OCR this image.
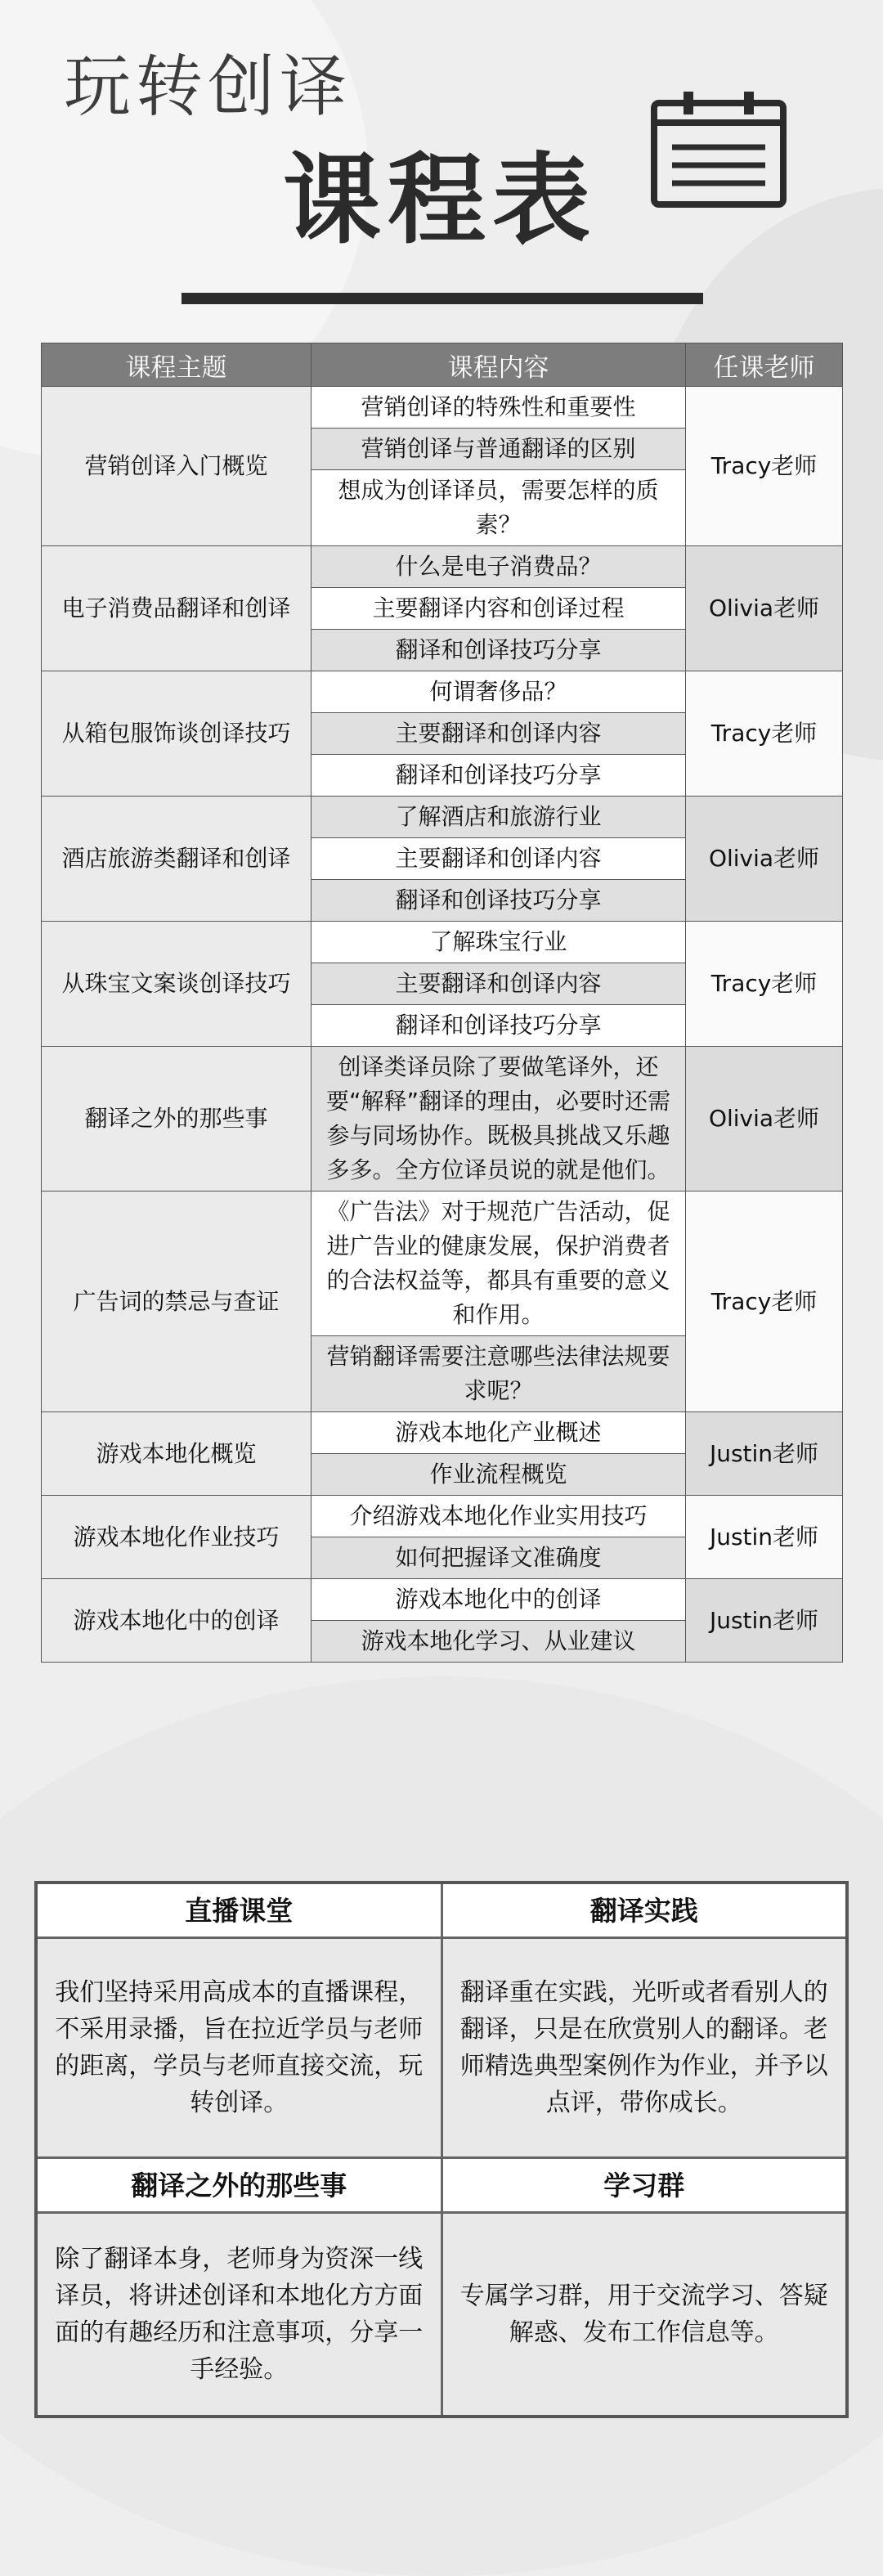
玩转创译
课程表
课程主题	课程内容	任课老师
营销创译入门概览	营销创译的特殊性和重要性	Tracy老师
	营销创译与普通翻译的区别	
	想成为创译译员，需要怎样的质素？	
电子消费品翻译和创译	什么是电子消费品？	Olivia老师
	主要翻译内容和创译过程	
	翻译和创译技巧分享	
从箱包服饰谈创译技巧	何谓奢侈品？	Tracy老师
	主要翻译和创译内容	
	翻译和创译技巧分享	
酒店旅游类翻译和创译	了解酒店和旅游行业	Olivia老师
	主要翻译和创译内容	
	翻译和创译技巧分享	
从珠宝文案谈创译技巧	了解珠宝行业	Tracy老师
	主要翻译和创译内容	
	翻译和创译技巧分享	
翻译之外的那些事	创译类译员除了要做笔译外，还要“解释”翻译的理由，必要时还需参与同场协作。既极具挑战又乐趣多多。全方位译员说的就是他们。	Olivia老师
广告词的禁忌与查证	《广告法》对于规范广告活动，促进广告业的健康发展，保护消费者的合法权益等，都具有重要的意义和作用。	Tracy老师
	营销翻译需要注意哪些法律法规要求呢？	
游戏本地化概览	游戏本地化产业概述	Justin老师
	作业流程概览	
游戏本地化作业技巧	介绍游戏本地化作业实用技巧	Justin老师
	如何把握译文准确度	
游戏本地化中的创译	游戏本地化中的创译	Justin老师
	游戏本地化学习、从业建议	
直播课堂	翻译实践
我们坚持采用高成本的直播课程，不采用录播，旨在拉近学员与老师的距离，学员与老师直接交流，玩转创译。	翻译重在实践，光听或者看别人的翻译，只是在欣赏别人的翻译。老师精选典型案例作为作业，并予以点评，带你成长。
翻译之外的那些事	学习群
除了翻译本身，老师身为资深一线译员，将讲述创译和本地化方方面面的有趣经历和注意事项，分享一手经验。	专属学习群，用于交流学习、答疑解惑、发布工作信息等。
